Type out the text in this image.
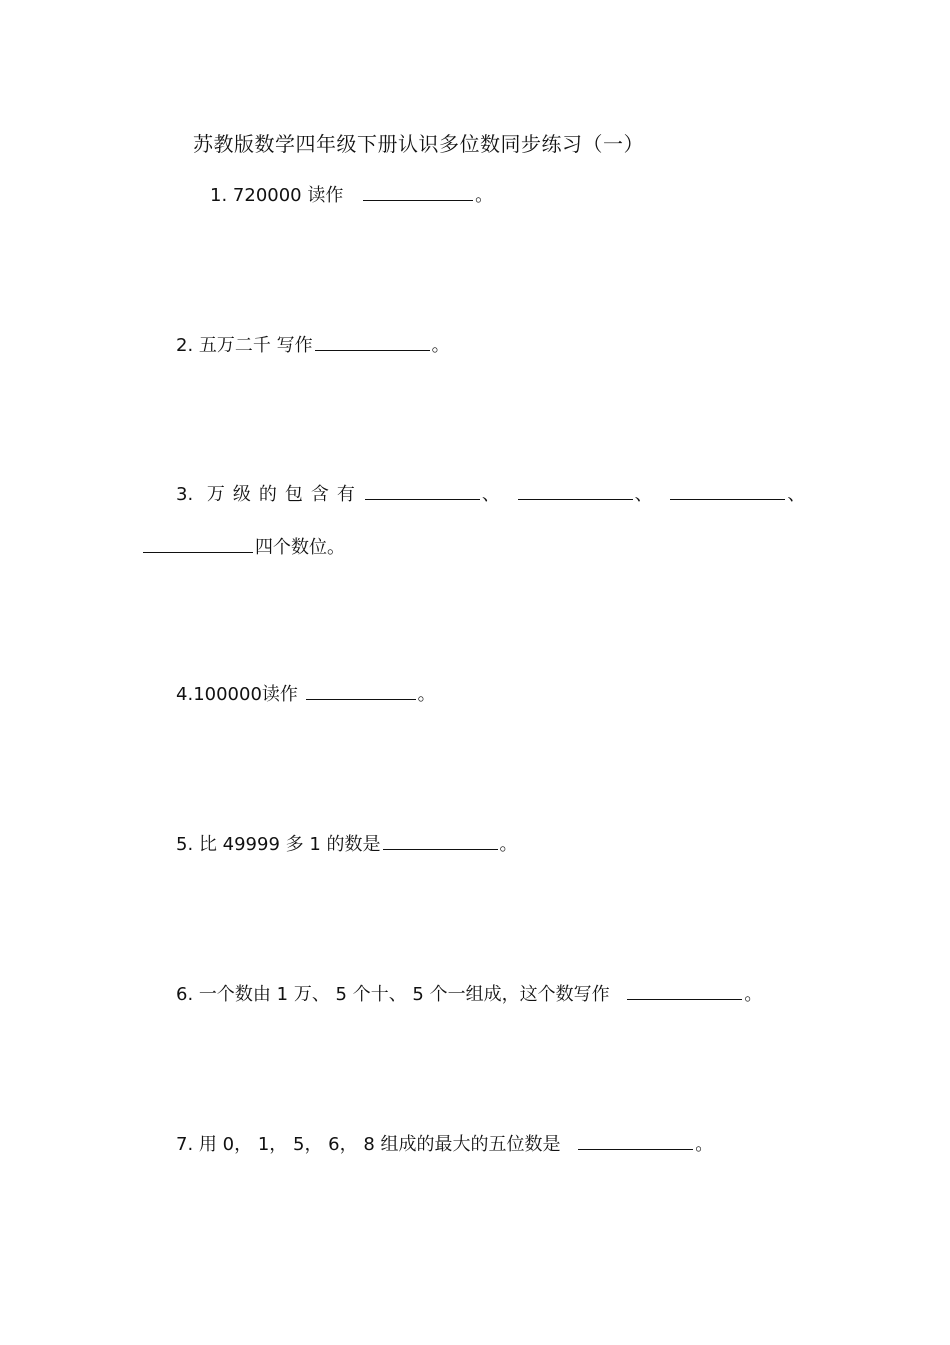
苏教版数学四年级下册认识多位数同步练习（一）
1. 720000 读作	。
2. 五万二千 写作	。
3. 万级的包含有	、	、	、
四个数位。
4.100000读作	。
5. 比 49999 多 1 的数是	。
6. 一个数由 1 万、 5 个十、 5 个一组成，这个数写作	。
7. 用 0， 1， 5， 6， 8 组成的最大的五位数是	。
